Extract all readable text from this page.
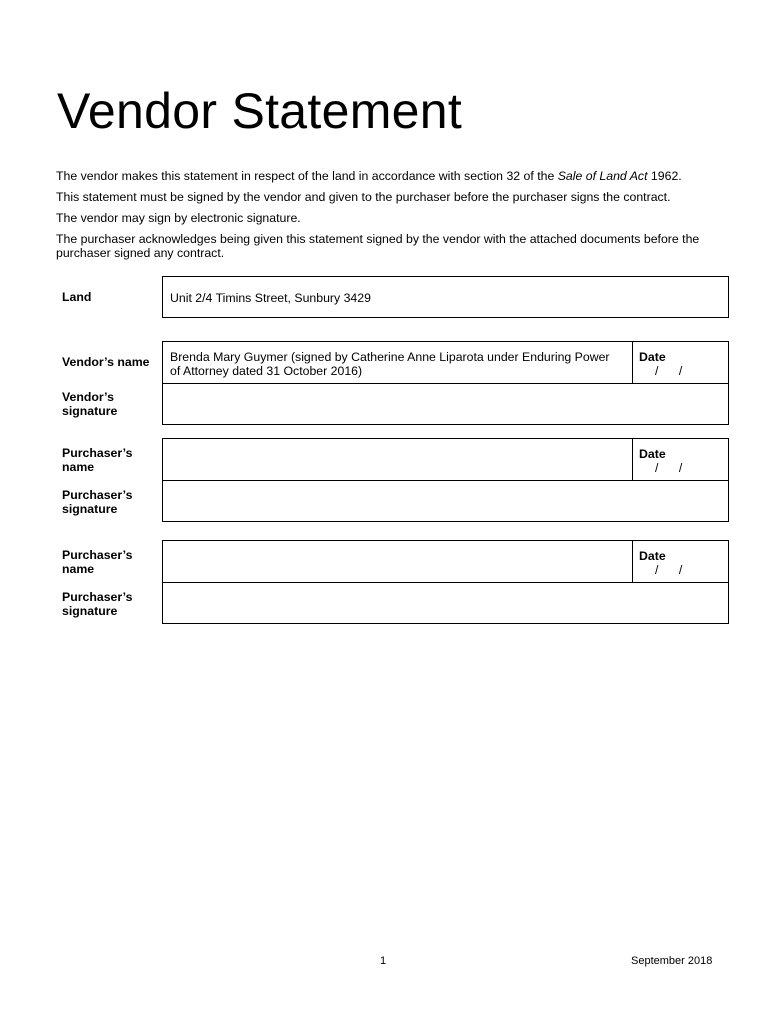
Vendor Statement

The vendor makes this statement in respect of the land in accordance with section 32 of the Sale of Land Act 1962.

This statement must be signed by the vendor and given to the purchaser before the purchaser signs the contract.

The vendor may sign by electronic signature.

The purchaser acknowledges being given this statement signed by the vendor with the attached documents before the purchaser signed any contract.

Land	Unit 2/4 Timins Street, Sunbury 3429
Vendor’s name	Brenda Mary Guymer (signed by Catherine Anne Liparota under Enduring Power of Attorney dated 31 October 2016)
Date
/      /
Vendor’s signature
Purchaser’s name
Date
/      /
Purchaser’s signature
Purchaser’s name
Date
/      /
Purchaser’s signature
1	September 2018
